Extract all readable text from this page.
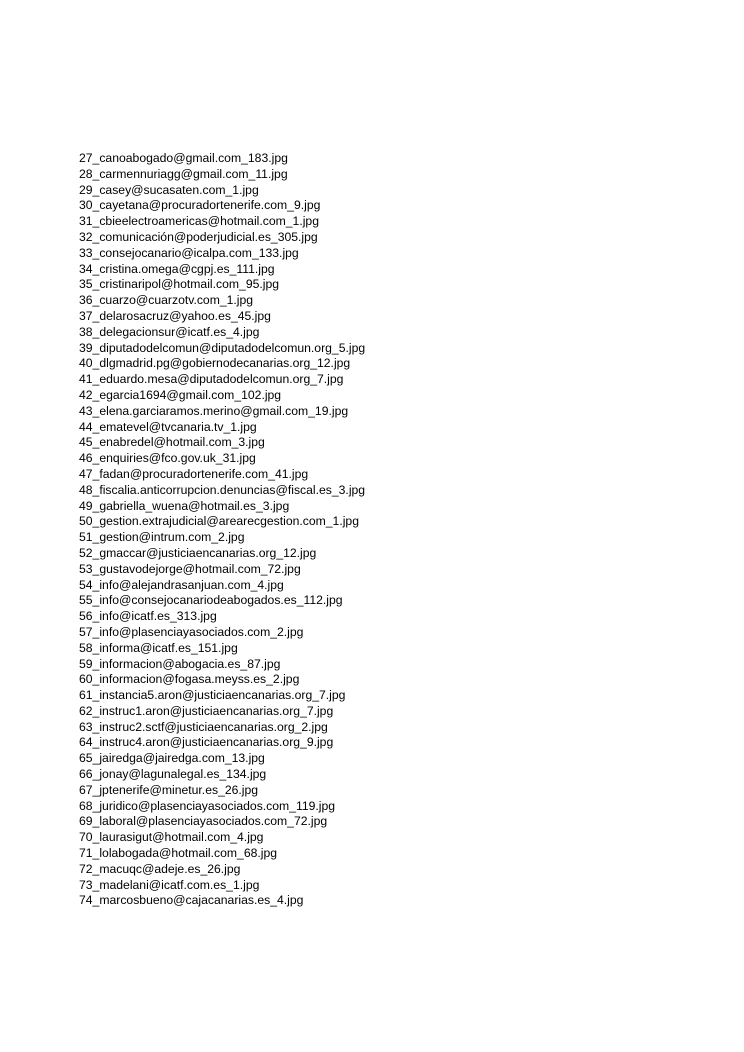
27_canoabogado@gmail.com_183.jpg
28_carmennuriagg@gmail.com_11.jpg
29_casey@sucasaten.com_1.jpg
30_cayetana@procuradortenerife.com_9.jpg
31_cbieelectroamericas@hotmail.com_1.jpg
32_comunicación@poderjudicial.es_305.jpg
33_consejocanario@icalpa.com_133.jpg
34_cristina.omega@cgpj.es_111.jpg
35_cristinaripol@hotmail.com_95.jpg
36_cuarzo@cuarzotv.com_1.jpg
37_delarosacruz@yahoo.es_45.jpg
38_delegacionsur@icatf.es_4.jpg
39_diputadodelcomun@diputadodelcomun.org_5.jpg
40_dlgmadrid.pg@gobiernodecanarias.org_12.jpg
41_eduardo.mesa@diputadodelcomun.org_7.jpg
42_egarcia1694@gmail.com_102.jpg
43_elena.garciaramos.merino@gmail.com_19.jpg
44_ematevel@tvcanaria.tv_1.jpg
45_enabredel@hotmail.com_3.jpg
46_enquiries@fco.gov.uk_31.jpg
47_fadan@procuradortenerife.com_41.jpg
48_fiscalia.anticorrupcion.denuncias@fiscal.es_3.jpg
49_gabriella_wuena@hotmail.es_3.jpg
50_gestion.extrajudicial@arearecgestion.com_1.jpg
51_gestion@intrum.com_2.jpg
52_gmaccar@justiciaencanarias.org_12.jpg
53_gustavodejorge@hotmail.com_72.jpg
54_info@alejandrasanjuan.com_4.jpg
55_info@consejocanariodeabogados.es_112.jpg
56_info@icatf.es_313.jpg
57_info@plasenciayasociados.com_2.jpg
58_informa@icatf.es_151.jpg
59_informacion@abogacia.es_87.jpg
60_informacion@fogasa.meyss.es_2.jpg
61_instancia5.aron@justiciaencanarias.org_7.jpg
62_instruc1.aron@justiciaencanarias.org_7.jpg
63_instruc2.sctf@justiciaencanarias.org_2.jpg
64_instruc4.aron@justiciaencanarias.org_9.jpg
65_jairedga@jairedga.com_13.jpg
66_jonay@lagunalegal.es_134.jpg
67_jptenerife@minetur.es_26.jpg
68_juridico@plasenciayasociados.com_119.jpg
69_laboral@plasenciayasociados.com_72.jpg
70_laurasigut@hotmail.com_4.jpg
71_lolabogada@hotmail.com_68.jpg
72_macuqc@adeje.es_26.jpg
73_madelani@icatf.com.es_1.jpg
74_marcosbueno@cajacanarias.es_4.jpg
